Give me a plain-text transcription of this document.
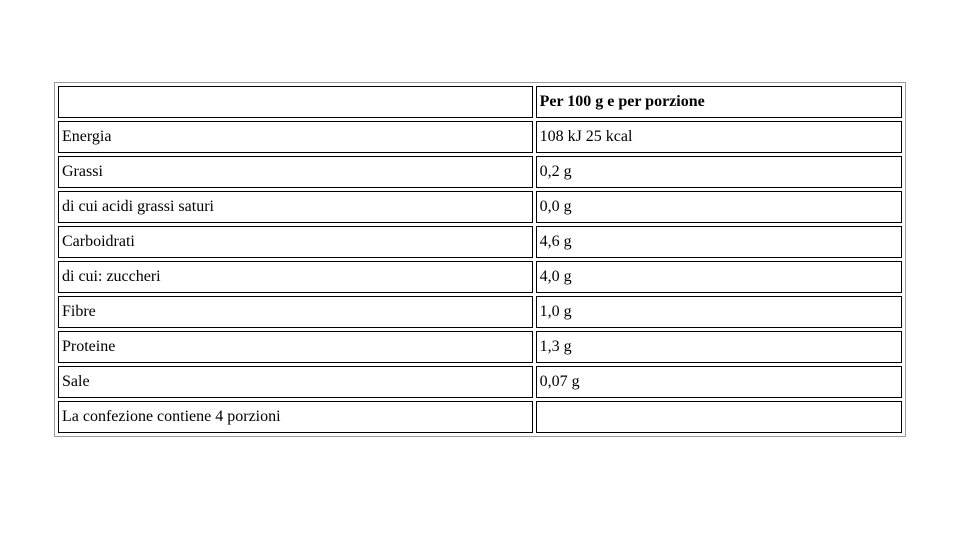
	Per 100 g e per porzione
Energia	108 kJ 25 kcal
Grassi	0,2 g
di cui acidi grassi saturi	0,0 g
Carboidrati	4,6 g
di cui: zuccheri	4,0 g
Fibre	1,0 g
Proteine	1,3 g
Sale	0,07 g
La confezione contiene 4 porzioni	
